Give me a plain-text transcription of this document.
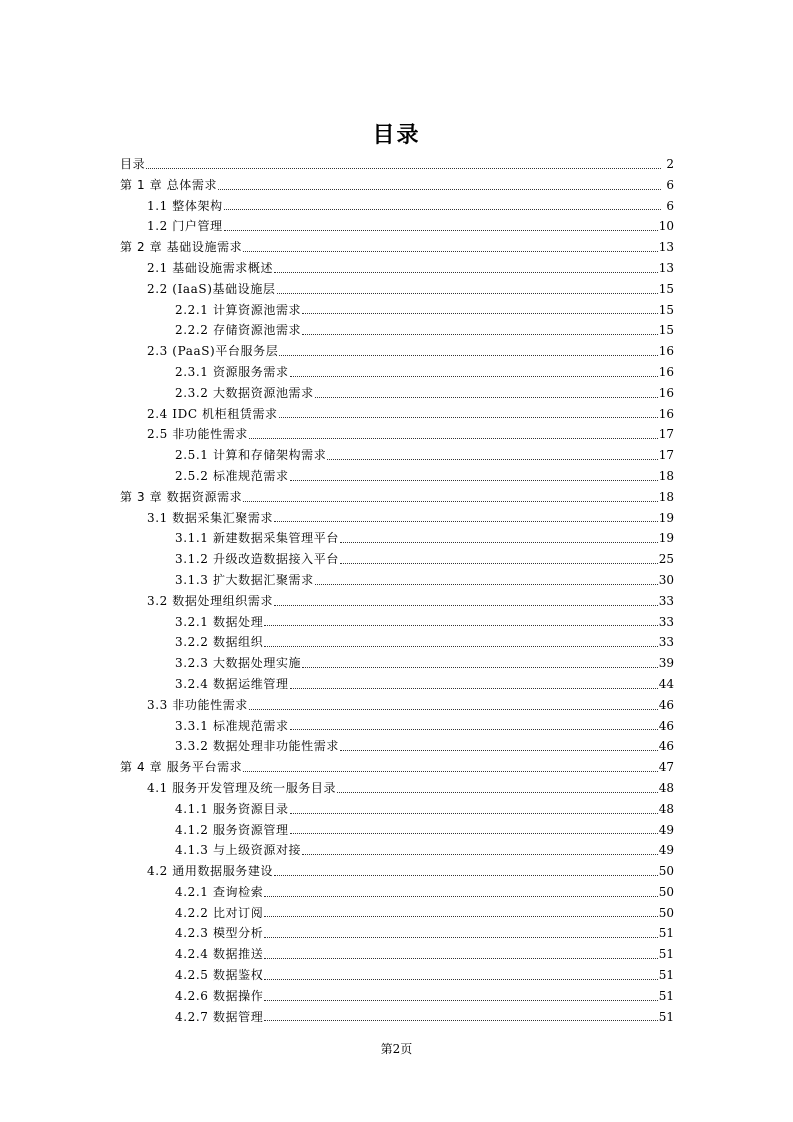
目录
目录	2
第 1 章 总体需求	6
1.1 整体架构	6
1.2 门户管理	10
第 2 章 基础设施需求	13
2.1 基础设施需求概述	13
2.2 (IaaS)基础设施层	15
2.2.1 计算资源池需求	15
2.2.2 存储资源池需求	15
2.3 (PaaS)平台服务层	16
2.3.1 资源服务需求	16
2.3.2 大数据资源池需求	16
2.4 IDC 机柜租赁需求	16
2.5 非功能性需求	17
2.5.1 计算和存储架构需求	17
2.5.2 标准规范需求	18
第 3 章 数据资源需求	18
3.1 数据采集汇聚需求	19
3.1.1 新建数据采集管理平台	19
3.1.2 升级改造数据接入平台	25
3.1.3 扩大数据汇聚需求	30
3.2 数据处理组织需求	33
3.2.1 数据处理	33
3.2.2 数据组织	33
3.2.3 大数据处理实施	39
3.2.4 数据运维管理	44
3.3 非功能性需求	46
3.3.1 标准规范需求	46
3.3.2 数据处理非功能性需求	46
第 4 章 服务平台需求	47
4.1 服务开发管理及统一服务目录	48
4.1.1 服务资源目录	48
4.1.2 服务资源管理	49
4.1.3 与上级资源对接	49
4.2 通用数据服务建设	50
4.2.1 查询检索	50
4.2.2 比对订阅	50
4.2.3 模型分析	51
4.2.4 数据推送	51
4.2.5 数据鉴权	51
4.2.6 数据操作	51
4.2.7 数据管理	51
第2页
